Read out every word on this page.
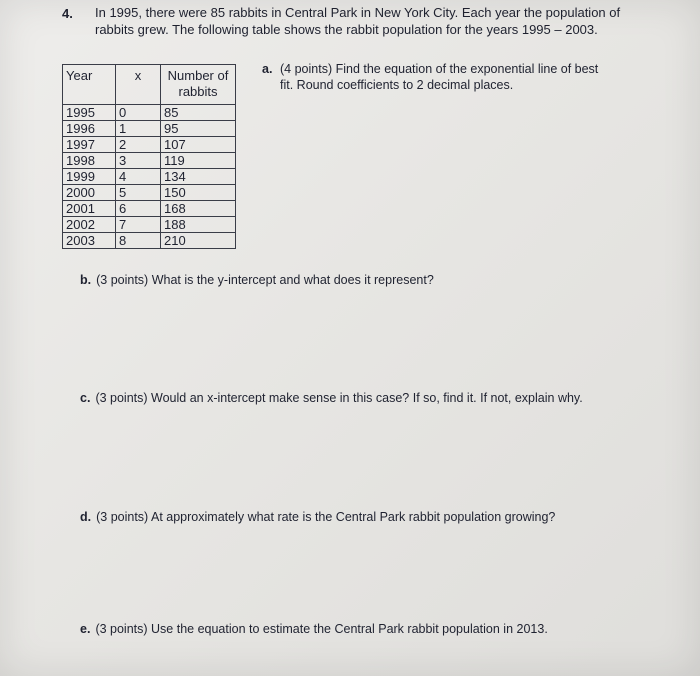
4. In 1995, there were 85 rabbits in Central Park in New York City. Each year the population of
rabbits grew. The following table shows the rabbit population for the years 1995 – 2003.
Year	x	Number of rabbits
1995	0	85
1996	1	95
1997	2	107
1998	3	119
1999	4	134
2000	5	150
2001	6	168
2002	7	188
2003	8	210
a. (4 points) Find the equation of the exponential line of best
fit. Round coefficients to 2 decimal places.
b. (3 points) What is the y-intercept and what does it represent?
c. (3 points) Would an x-intercept make sense in this case? If so, find it. If not, explain why.
d. (3 points) At approximately what rate is the Central Park rabbit population growing?
e. (3 points) Use the equation to estimate the Central Park rabbit population in 2013.
